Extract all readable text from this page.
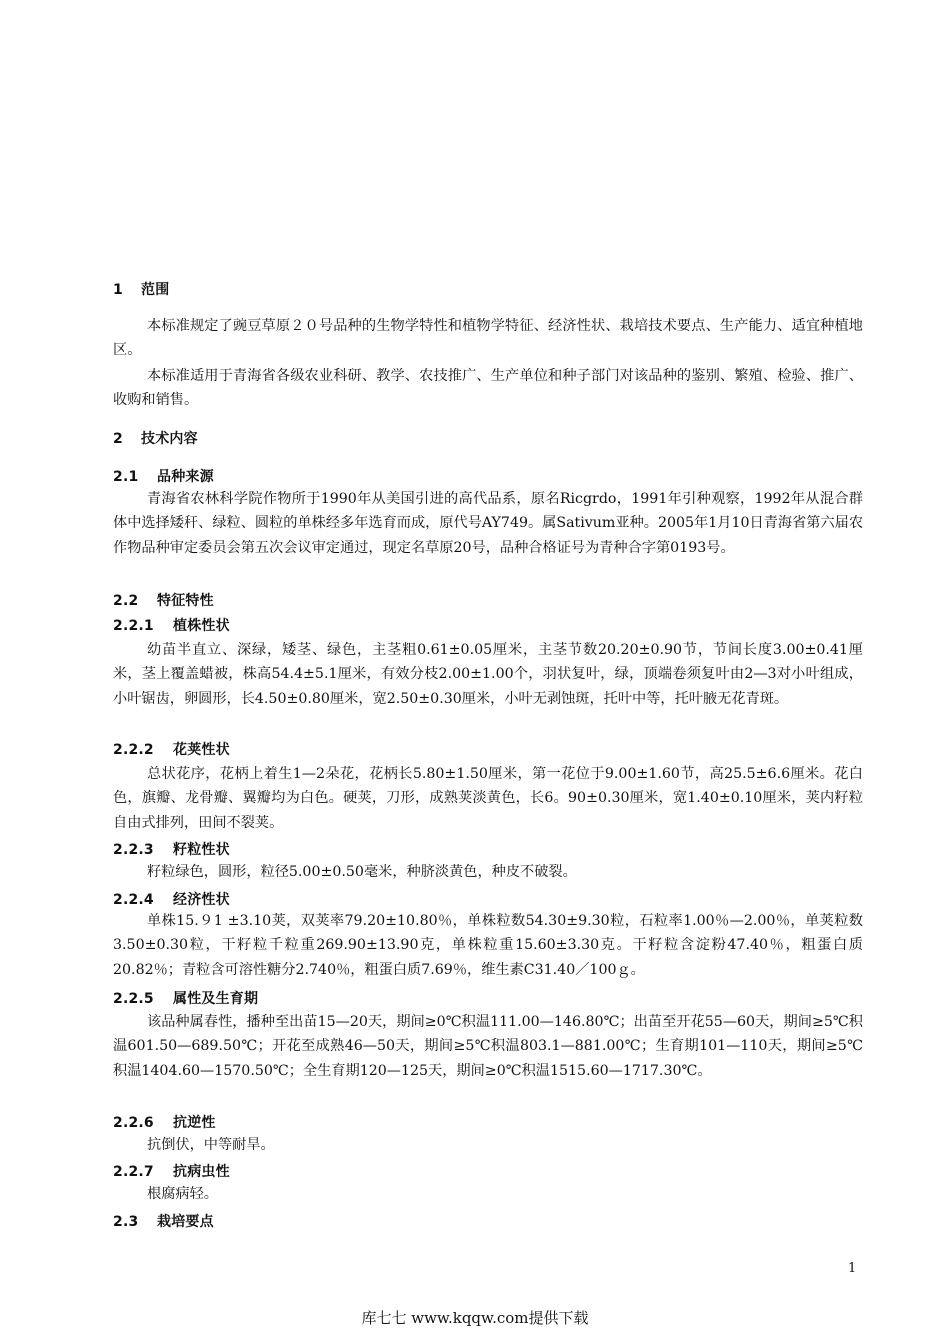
1 范围

本标准规定了豌豆草原２０号品种的生物学特性和植物学特征、经济性状、栽培技术要点、生产能力、适宜种植地区。

本标准适用于青海省各级农业科研、教学、农技推广、生产单位和种子部门对该品种的鉴别、繁殖、检验、推广、收购和销售。

2 技术内容
2.1 品种来源

青海省农林科学院作物所于1990年从美国引进的高代品系，原名Ricgrdo，1991年引种观察，1992年从混合群体中选择矮秆、绿粒、圆粒的单株经多年选育而成，原代号AY749。属Sativum亚种。2005年1月10日青海省第六届农作物品种审定委员会第五次会议审定通过，现定名草原20号，品种合格证号为青种合字第0193号。

2.2 特征特性
2.2.1 植株性状

幼苗半直立、深绿，矮茎、绿色，主茎粗0.61±0.05厘米，主茎节数20.20±0.90节，节间长度3.00±0.41厘米，茎上覆盖蜡被，株高54.4±5.1厘米，有效分枝2.00±1.00个，羽状复叶，绿，顶端卷须复叶由2—3对小叶组成，小叶锯齿，卵圆形，长4.50±0.80厘米，宽2.50±0.30厘米，小叶无剥蚀斑，托叶中等，托叶腋无花青斑。

2.2.2 花荚性状

总状花序，花柄上着生1—2朵花，花柄长5.80±1.50厘米，第一花位于9.00±1.60节，高25.5±6.6厘米。花白色，旗瓣、龙骨瓣、翼瓣均为白色。硬荚，刀形，成熟荚淡黄色，长6。90±0.30厘米，宽1.40±0.10厘米，荚内籽粒自由式排列，田间不裂荚。

2.2.3 籽粒性状

籽粒绿色，圆形，粒径5.00±0.50毫米，种脐淡黄色，种皮不破裂。

2.2.4 经济性状

单株15.９1 ±3.10荚，双荚率79.20±10.80％，单株粒数54.30±9.30粒，石粒率1.00％—2.00％，单荚粒数3.50±0.30粒，干籽粒千粒重269.90±13.90克，单株粒重15.60±3.30克。干籽粒含淀粉47.40％，粗蛋白质20.82％；青粒含可溶性糖分2.740％，粗蛋白质7.69％，维生素C31.40／100ｇ。

2.2.5 属性及生育期

该品种属春性，播种至出苗15—20天，期间≥0℃积温111.00—146.80℃；出苗至开花55—60天，期间≥5℃积温601.50—689.50℃；开花至成熟46—50天，期间≥5℃积温803.1—881.00℃；生育期101—110天，期间≥5℃积温1404.60—1570.50℃；全生育期120—125天，期间≥0℃积温1515.60—1717.30℃。

2.2.6 抗逆性

抗倒伏，中等耐旱。

2.2.7 抗病虫性

根腐病轻。

2.3 栽培要点
1
库七七 www.kqqw.com提供下载
